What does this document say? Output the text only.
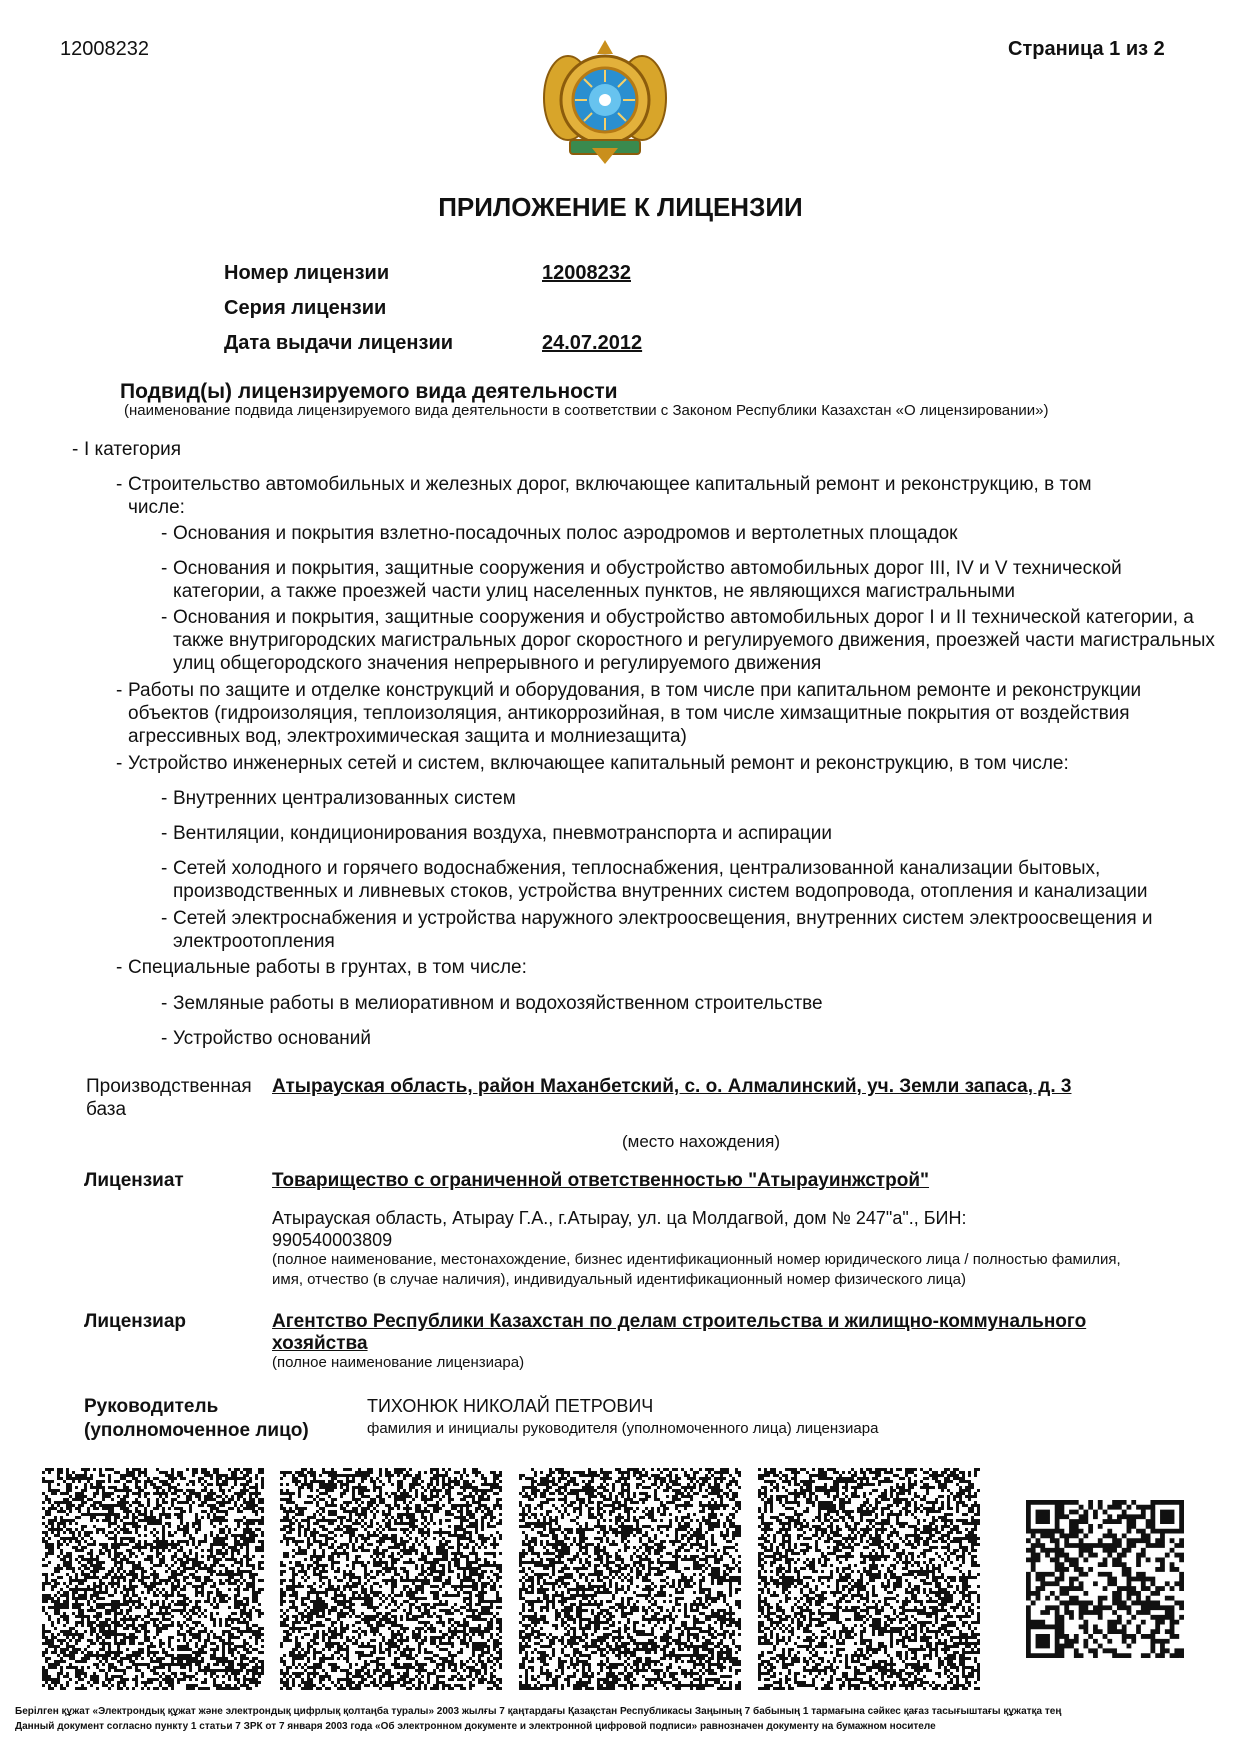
12008232	Страница 1 из 2
ПРИЛОЖЕНИЕ К ЛИЦЕНЗИИ
Номер лицензии	12008232
Серия лицензии
Дата выдачи лицензии	24.07.2012
Подвид(ы) лицензируемого вида деятельности
(наименование подвида лицензируемого вида деятельности в соответствии с Законом Республики Казахстан «О лицензировании»)
- I категория
- Строительство автомобильных и железных дорог, включающее капитальный ремонт и реконструкцию, в том числе:
- Основания и покрытия взлетно-посадочных полос аэродромов и вертолетных площадок
- Основания и покрытия, защитные сооружения и обустройство автомобильных дорог III, IV и V технической категории, а также проезжей части улиц населенных пунктов, не являющихся магистральными
- Основания и покрытия, защитные сооружения и обустройство автомобильных дорог I и II технической категории, а также внутригородских магистральных дорог скоростного и регулируемого движения, проезжей части магистральных улиц общегородского значения непрерывного и регулируемого движения
- Работы по защите и отделке конструкций и оборудования, в том числе при капитальном ремонте и реконструкции объектов (гидроизоляция, теплоизоляция, антикоррозийная, в том числе химзащитные покрытия от воздействия агрессивных вод, электрохимическая защита и молниезащита)
- Устройство инженерных сетей и систем, включающее капитальный ремонт и реконструкцию, в том числе:
- Внутренних централизованных систем
- Вентиляции, кондиционирования воздуха, пневмотранспорта и аспирации
- Сетей холодного и горячего водоснабжения, теплоснабжения, централизованной канализации бытовых, производственных и ливневых стоков, устройства внутренних систем водопровода, отопления и канализации
- Сетей электроснабжения и устройства наружного электроосвещения, внутренних систем электроосвещения и электроотопления
- Специальные работы в грунтах, в том числе:
- Земляные работы в мелиоративном и водохозяйственном строительстве
- Устройство оснований
Производственная база
Атырауская область, район Маханбетский, с. о. Алмалинский, уч. Земли запаса, д. 3
(место нахождения)
Лицензиат	Товарищество с ограниченной ответственностью "Атырауинжстрой"
Атырауская область, Атырау Г.А., г.Атырау, ул. ца Молдагвой, дом № 247"а"., БИН: 990540003809
(полное наименование, местонахождение, бизнес идентификационный номер юридического лица / полностью фамилия, имя, отчество (в случае наличия), индивидуальный идентификационный номер физического лица)
Лицензиар	Агентство Республики Казахстан по делам строительства и жилищно-коммунального хозяйства
(полное наименование лицензиара)
Руководитель (уполномоченное лицо)
ТИХОНЮК НИКОЛАЙ ПЕТРОВИЧ
фамилия и инициалы руководителя (уполномоченного лица) лицензиара
Берілген құжат «Электрондық құжат және электрондық цифрлық қолтаңба туралы» 2003 жылғы 7 қаңтардағы Қазақстан Республикасы Заңының 7 бабының 1 тармағына сәйкес қағаз тасығыштағы құжатқа тең
Данный документ согласно пункту 1 статьи 7 ЗРК от 7 января 2003 года «Об электронном документе и электронной цифровой подписи» равнозначен документу на бумажном носителе
